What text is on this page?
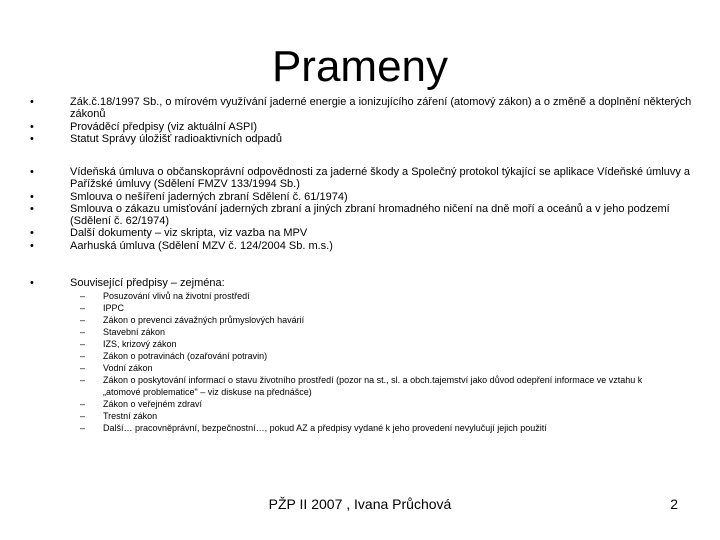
Prameny
•	Zák.č.18/1997 Sb., o mírovém využívání jaderné energie a ionizujícího záření (atomový zákon) a o změně a doplnění některých zákonů
•	Prováděcí předpisy (viz aktuální ASPI)
•	Statut Správy úložišť radioaktivních odpadů
•	Vídeňská úmluva o občanskoprávní odpovědnosti za jaderné škody a Společný protokol týkající se aplikace Vídeňské úmluvy a Pařížské úmluvy (Sdělení FMZV 133/1994 Sb.)
•	Smlouva o nešíření jaderných zbraní Sdělení č. 61/1974)
•	Smlouva o zákazu umisťování jaderných zbraní a jiných zbraní hromadného ničení na dně moří a oceánů a v jeho podzemí (Sdělení č. 62/1974)
•	Další dokumenty – viz skripta, viz vazba na MPV
•	Aarhuská úmluva (Sdělení MZV č. 124/2004 Sb. m.s.)
•	Související předpisy – zejména:
– Posuzování vlivů na životní prostředí
– IPPC
– Zákon o prevenci závažných průmyslových havárií
– Stavební zákon
– IZS, krizový zákon
– Zákon o potravinách (ozařování potravin)
– Vodní zákon
– Zákon o poskytování informací o stavu životního prostředí (pozor na st., sl. a obch.tajemství jako důvod odepření informace ve vztahu k „atomové problematice" – viz diskuse na přednášce)
– Zákon o veřejném zdraví
– Trestní zákon
– Další… pracovněprávní, bezpečnostní…, pokud AZ a předpisy vydané k jeho provedení nevylučují jejich použití
PŽP II 2007 , Ivana Průchová	2
